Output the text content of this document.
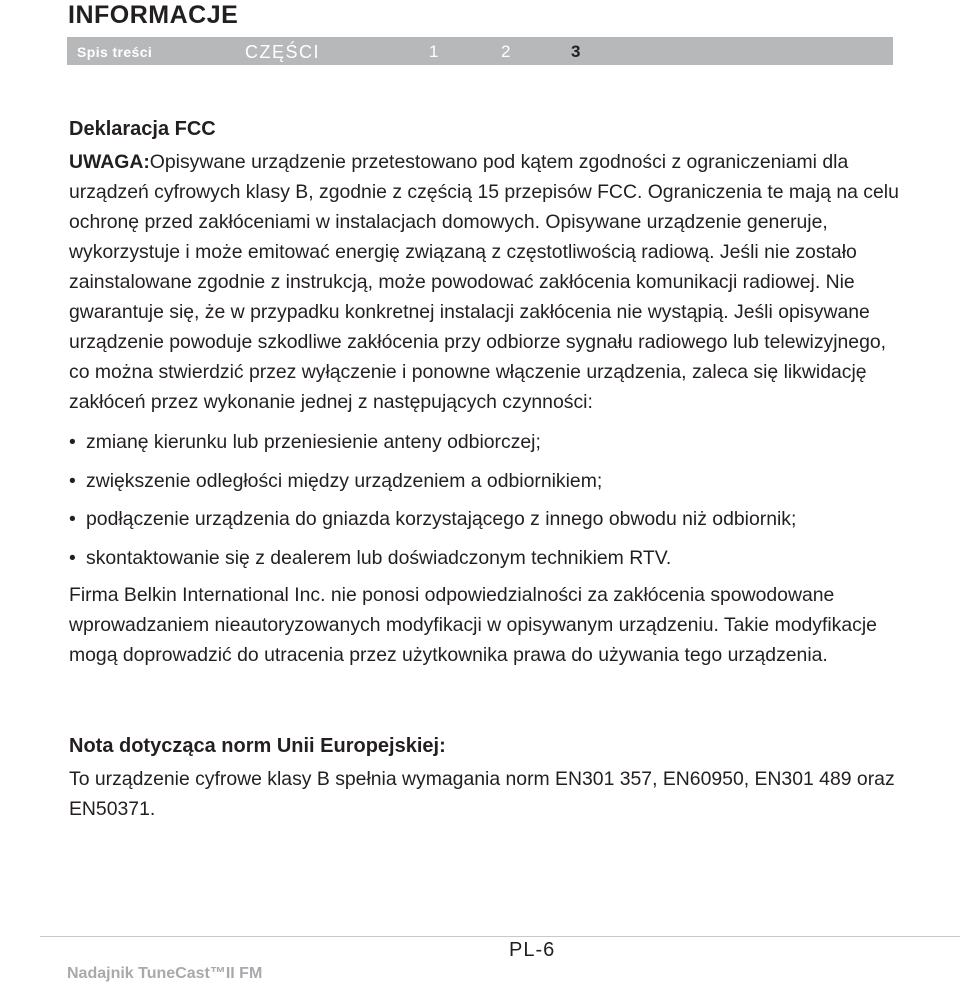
INFORMACJE
Spis treści	CZĘŚCI	1	2	3
Deklaracja FCC

UWAGA:Opisywane urządzenie przetestowano pod kątem zgodności z ograniczeniami dla urządzeń cyfrowych klasy B, zgodnie z częścią 15 przepisów FCC. Ograniczenia te mają na celu ochronę przed zakłóceniami w instalacjach domowych. Opisywane urządzenie generuje, wykorzystuje i może emitować energię związaną z częstotliwością radiową. Jeśli nie zostało zainstalowane zgodnie z instrukcją, może powodować zakłócenia komunikacji radiowej. Nie gwarantuje się, że w przypadku konkretnej instalacji zakłócenia nie wystąpią. Jeśli opisywane urządzenie powoduje szkodliwe zakłócenia przy odbiorze sygnału radiowego lub telewizyjnego, co można stwierdzić przez wyłączenie i ponowne włączenie urządzenia, zaleca się likwidację zakłóceń przez wykonanie jednej z następujących czynności:

• zmianę kierunku lub przeniesienie anteny odbiorczej;
• zwiększenie odległości między urządzeniem a odbiornikiem;
• podłączenie urządzenia do gniazda korzystającego z innego obwodu niż odbiornik;
• skontaktowanie się z dealerem lub doświadczonym technikiem RTV.

Firma Belkin International Inc. nie ponosi odpowiedzialności za zakłócenia spowodowane wprowadzaniem nieautoryzowanych modyfikacji w opisywanym urządzeniu. Takie modyfikacje mogą doprowadzić do utracenia przez użytkownika prawa do używania tego urządzenia.

Nota dotycząca norm Unii Europejskiej:

To urządzenie cyfrowe klasy B spełnia wymagania norm EN301 357, EN60950, EN301 489 oraz EN50371.

PL-6
Nadajnik TuneCast™II FM
